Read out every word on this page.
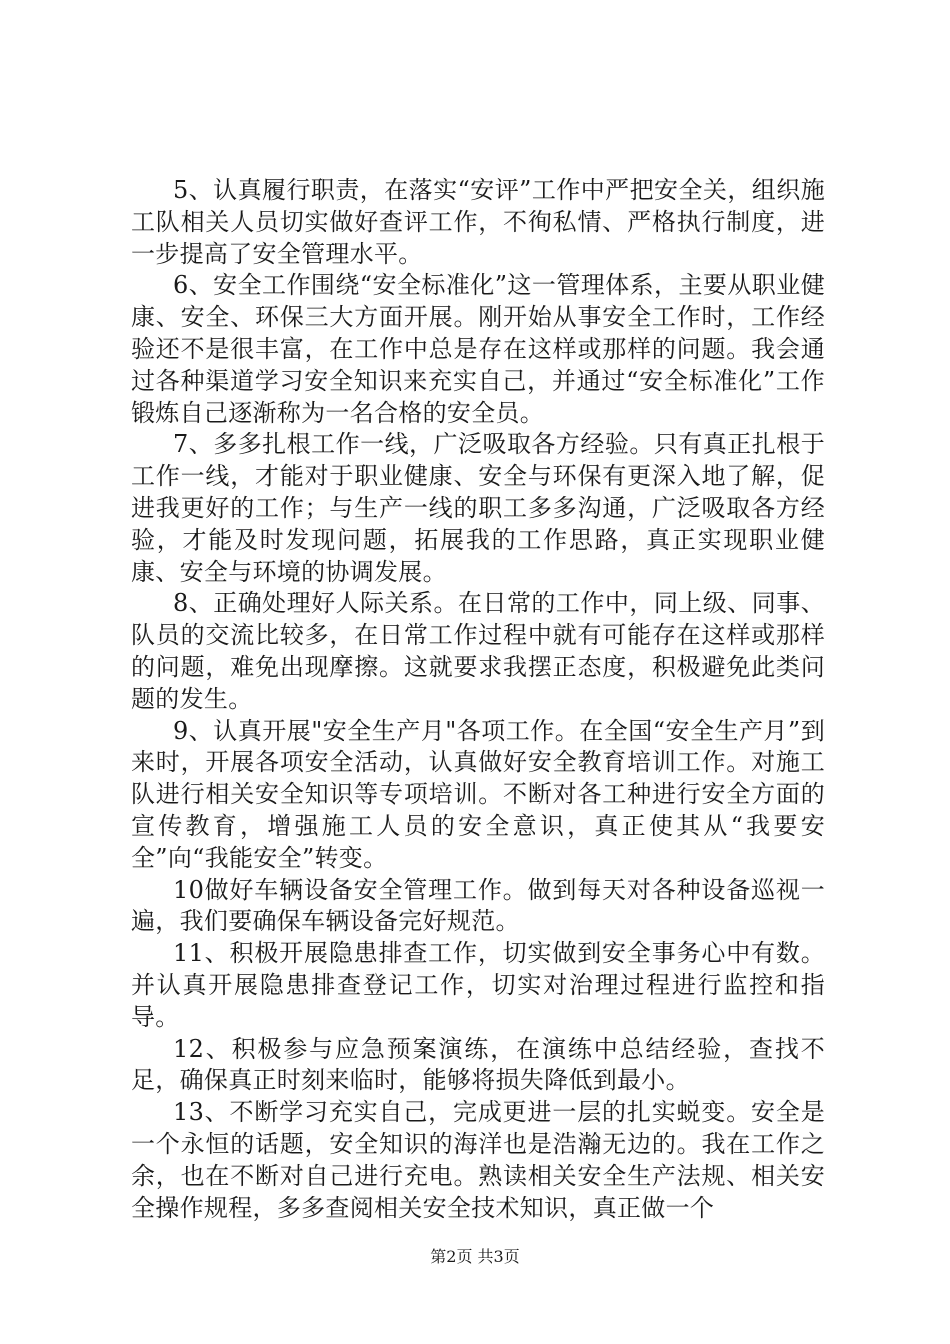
5、认真履行职责，在落实“安评”工作中严把安全关，组织施工队相关人员切实做好查评工作，不徇私情、严格执行制度，进一步提高了安全管理水平。

6、安全工作围绕“安全标准化”这一管理体系，主要从职业健康、安全、环保三大方面开展。刚开始从事安全工作时，工作经验还不是很丰富，在工作中总是存在这样或那样的问题。我会通过各种渠道学习安全知识来充实自己，并通过“安全标准化”工作锻炼自己逐渐称为一名合格的安全员。

7、多多扎根工作一线，广泛吸取各方经验。只有真正扎根于工作一线，才能对于职业健康、安全与环保有更深入地了解，促进我更好的工作；与生产一线的职工多多沟通，广泛吸取各方经验，才能及时发现问题，拓展我的工作思路，真正实现职业健康、安全与环境的协调发展。

8、正确处理好人际关系。在日常的工作中，同上级、同事、队员的交流比较多，在日常工作过程中就有可能存在这样或那样的问题，难免出现摩擦。这就要求我摆正态度，积极避免此类问题的发生。

9、认真开展"安全生产月"各项工作。在全国“安全生产月”到来时，开展各项安全活动，认真做好安全教育培训工作。对施工队进行相关安全知识等专项培训。不断对各工种进行安全方面的宣传教育，增强施工人员的安全意识，真正使其从“我要安全”向“我能安全”转变。

10做好车辆设备安全管理工作。做到每天对各种设备巡视一遍，我们要确保车辆设备完好规范。

11、积极开展隐患排查工作，切实做到安全事务心中有数。并认真开展隐患排查登记工作，切实对治理过程进行监控和指导。

12、积极参与应急预案演练，在演练中总结经验，查找不足，确保真正时刻来临时，能够将损失降低到最小。

13、不断学习充实自己，完成更进一层的扎实蜕变。安全是一个永恒的话题，安全知识的海洋也是浩瀚无边的。我在工作之余，也在不断对自己进行充电。熟读相关安全生产法规、相关安全操作规程，多多查阅相关安全技术知识，真正做一个

第2页 共3页
